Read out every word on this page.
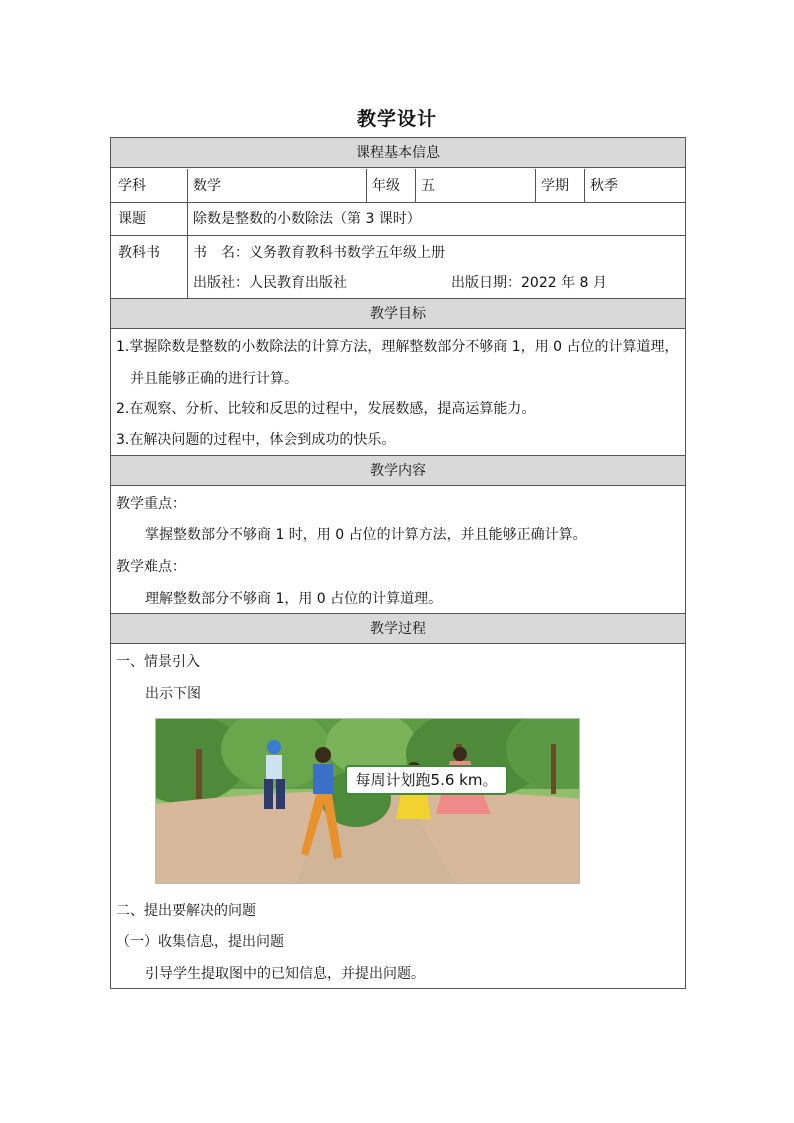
教学设计
课程基本信息
教学目标
教学内容
教学过程
学科	数学	年级 五	学期 秋季
课题	除数是整数的小数除法（第 3 课时）
教科书 书　名：义务教育教科书数学五年级上册
出版社：人民教育出版社	出版日期：2022 年 8 月
1.掌握除数是整数的小数除法的计算方法，理解整数部分不够商 1，用 0 占位的计算道理，
并且能够正确的进行计算。
2.在观察、分析、比较和反思的过程中，发展数感，提高运算能力。
3.在解决问题的过程中，体会到成功的快乐。
教学重点：
掌握整数部分不够商 1 时，用 0 占位的计算方法，并且能够正确计算。
教学难点：
理解整数部分不够商 1，用 0 占位的计算道理。
一、情景引入
出示下图
每周计划跑5.6 km。
二、提出要解决的问题
（一）收集信息，提出问题
引导学生提取图中的已知信息，并提出问题。
